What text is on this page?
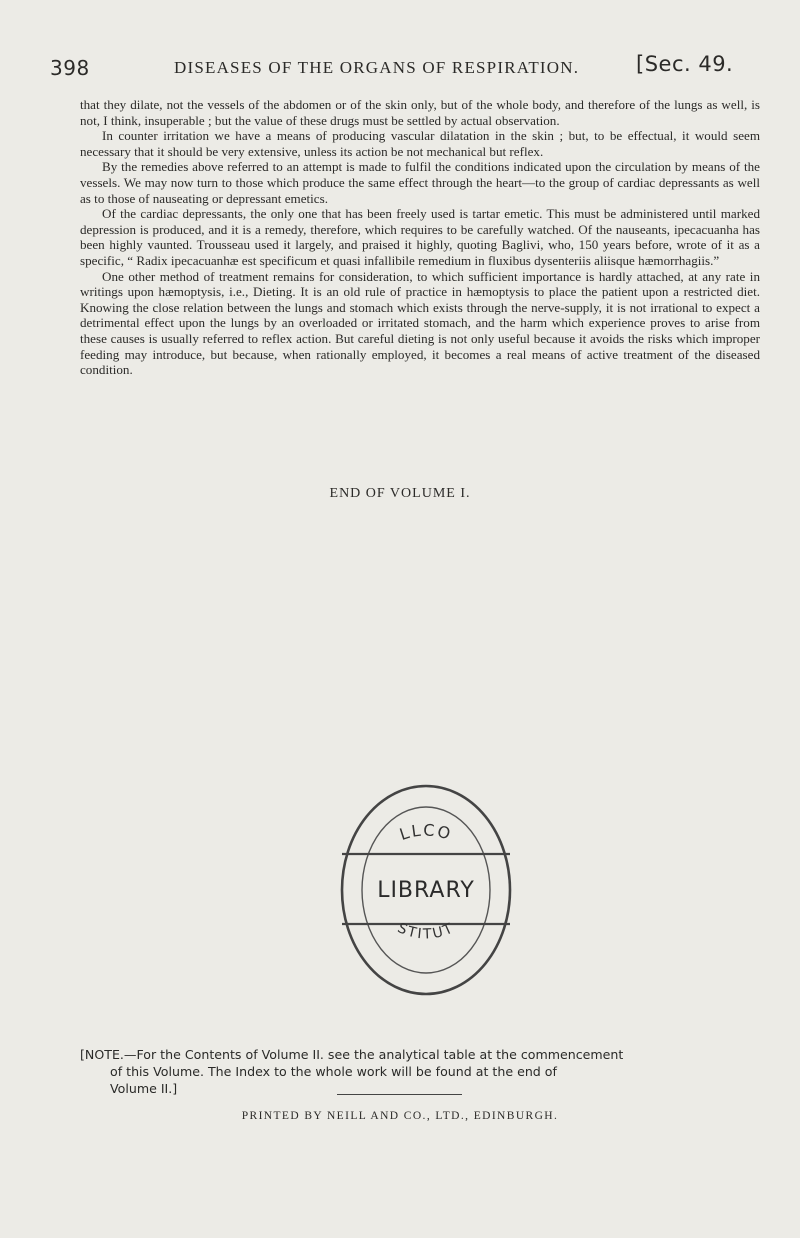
398	DISEASES OF THE ORGANS OF RESPIRATION.	[Sec. 49.

that they dilate, not the vessels of the abdomen or of the skin only, but of the whole body, and therefore of the lungs as well, is not, I think, insuperable ; but the value of these drugs must be settled by actual observation.

In counter irritation we have a means of producing vascular dilatation in the skin ; but, to be effectual, it would seem necessary that it should be very extensive, unless its action be not mechanical but reflex.

By the remedies above referred to an attempt is made to fulfil the conditions indicated upon the circulation by means of the vessels. We may now turn to those which produce the same effect through the heart—to the group of cardiac depressants as well as to those of nauseating or depressant emetics.

Of the cardiac depressants, the only one that has been freely used is tartar emetic. This must be administered until marked depression is produced, and it is a remedy, therefore, which requires to be carefully watched. Of the nauseants, ipecacuanha has been highly vaunted. Trousseau used it largely, and praised it highly, quoting Baglivi, who, 150 years before, wrote of it as a specific, “ Radix ipecacuanhæ est specificum et quasi infallibile remedium in fluxibus dysenteriis aliisque hæmorrhagiis.”

One other method of treatment remains for consideration, to which sufficient importance is hardly attached, at any rate in writings upon hæmoptysis, i.e., Dieting. It is an old rule of practice in hæmoptysis to place the patient upon a restricted diet. Knowing the close relation between the lungs and stomach which exists through the nerve-supply, it is not irrational to expect a detrimental effect upon the lungs by an overloaded or irritated stomach, and the harm which experience proves to arise from these causes is usually referred to reflex action. But careful dieting is not only useful because it avoids the risks which improper feeding may introduce, but because, when rationally employed, it becomes a real means of active treatment of the diseased condition.

END OF VOLUME I.
LLCO
LIBRARY
STITUT
[NOTE.—For the Contents of Volume II. see the analytical table at the commencement
of this Volume. The Index to the whole work will be found at the end of
Volume II.]
PRINTED BY NEILL AND CO., LTD., EDINBURGH.
